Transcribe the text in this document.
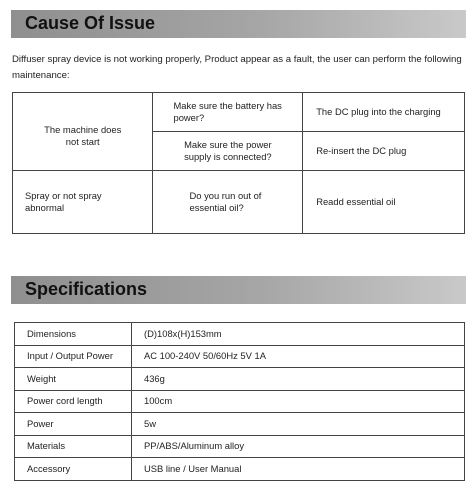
Cause Of Issue
Diffuser spray device is not working properly, Product appear as a fault, the user can perform the following maintenance:
The machine does not start	Make sure the battery has power?	The DC plug into the charging

	Make sure the power supply is connected?	Re-insert the DC plug

Spray or not spray abnormal	Do you run out of essential oil?	Readd essential oil
Specifications
Dimensions	(D)108x(H)153mm
Input / Output Power	AC 100-240V 50/60Hz 5V 1A
Weight	436g
Power cord length	100cm
Power	5w
Materials	PP/ABS/Aluminum alloy
Accessory	USB line / User Manual
